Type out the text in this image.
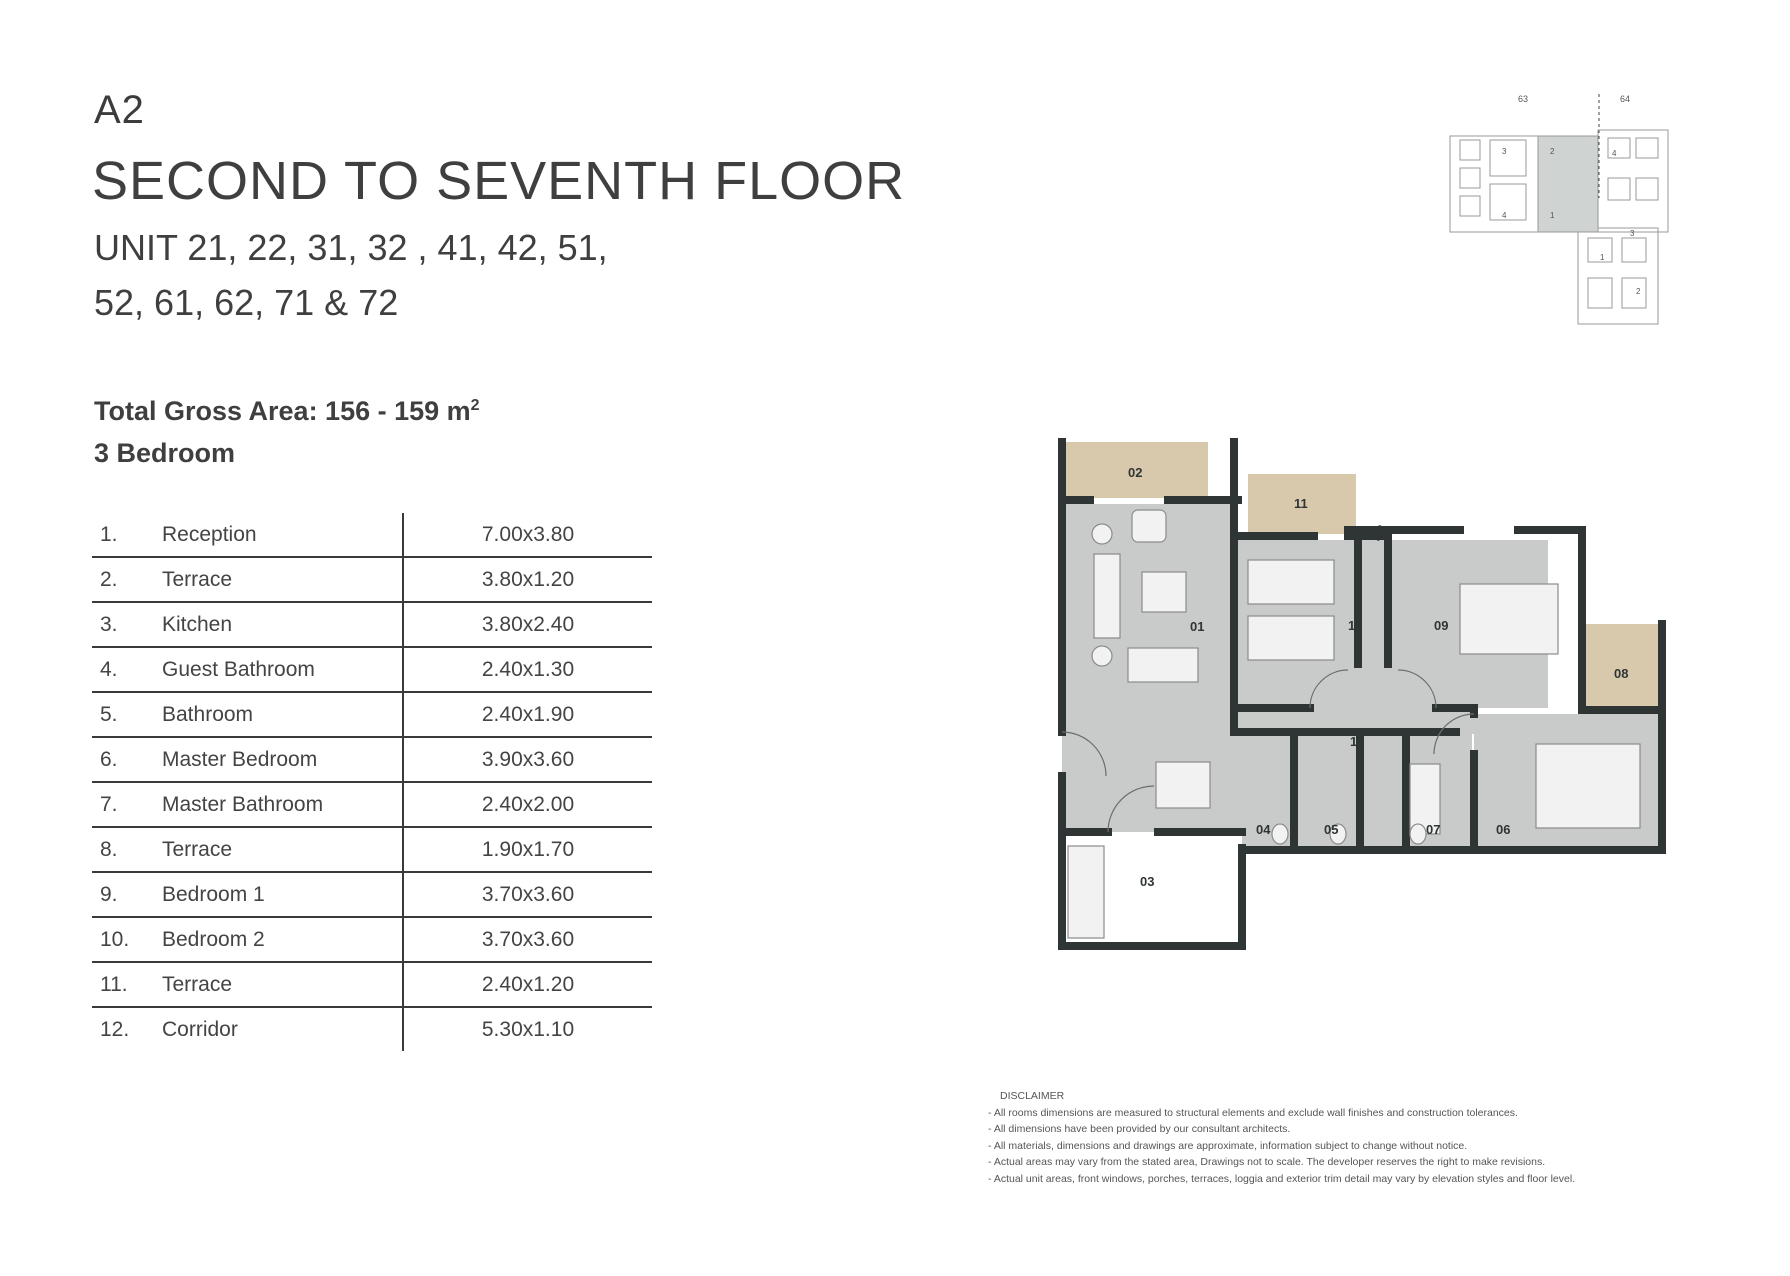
A2
SECOND TO SEVENTH FLOOR
UNIT 21, 22, 31, 32 , 41, 42, 51,
52, 61, 62, 71 & 72
Total Gross Area: 156 - 159 $m^2$
3 Bedroom
1.	Reception	7.00x3.80
2.	Terrace	3.80x1.20
3.	Kitchen	3.80x2.40
4.	Guest Bathroom	2.40x1.30
5.	Bathroom	2.40x1.90
6.	Master Bedroom	3.90x3.60
7.	Master Bathroom	2.40x2.00
8.	Terrace	1.90x1.70
9.	Bedroom 1	3.70x3.60
10.	Bedroom 2	3.70x3.60
11.	Terrace	2.40x1.20
12.	Corridor	5.30x1.10
63	64
3	2
4	1
4
3
1
2
01
02
03
04	05	06
07
08
09
10
11
12
DISCLAIMER
- All rooms dimensions are measured to structural elements and exclude wall finishes and construction tolerances.
- All dimensions have been provided by our consultant architects.
- All materials, dimensions and drawings are approximate, information subject to change without notice.
- Actual areas may vary from the stated area, Drawings not to scale. The developer reserves the right to make revisions.
- Actual unit areas, front windows, porches, terraces, loggia and exterior trim detail may vary by elevation styles and floor level.
